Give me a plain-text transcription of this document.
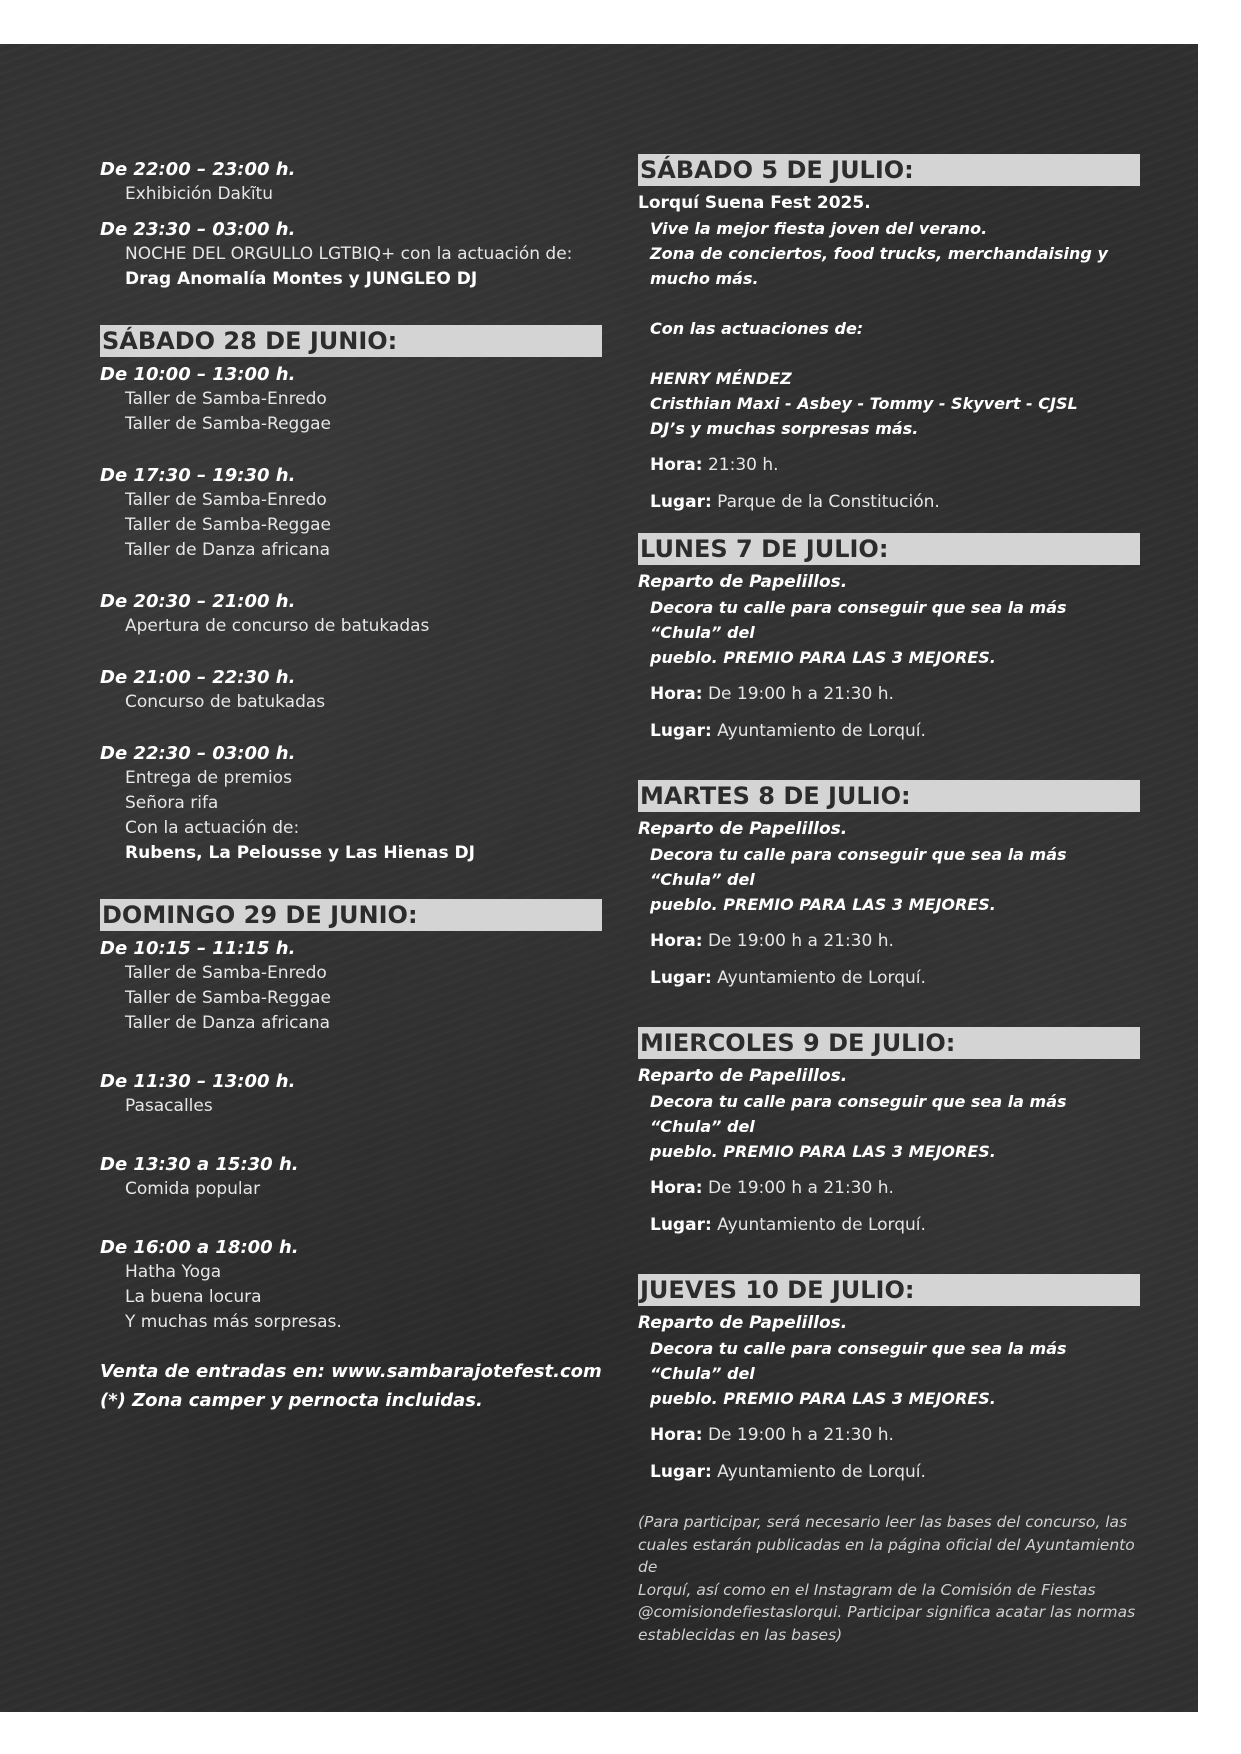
De 22:00 – 23:00 h.
Exhibición Dakĩtu
De 23:30 – 03:00 h.
NOCHE DEL ORGULLO LGTBIQ+ con la actuación de:
Drag Anomalía Montes y JUNGLEO DJ
SÁBADO 28 DE JUNIO:
De 10:00 – 13:00 h.
Taller de Samba-Enredo
Taller de Samba-Reggae
De 17:30 – 19:30 h.
Taller de Samba-Enredo
Taller de Samba-Reggae
Taller de Danza africana
De 20:30 – 21:00 h.
Apertura de concurso de batukadas
De 21:00 – 22:30 h.
Concurso de batukadas
De 22:30 – 03:00 h.
Entrega de premios
Señora rifa
Con la actuación de:
Rubens, La Pelousse y Las Hienas DJ
DOMINGO 29 DE JUNIO:
De 10:15 – 11:15 h.
Taller de Samba-Enredo
Taller de Samba-Reggae
Taller de Danza africana
De 11:30 – 13:00 h.
Pasacalles
De 13:30 a 15:30 h.
Comida popular
De 16:00 a 18:00 h.
Hatha Yoga
La buena locura
Y muchas más sorpresas.
Venta de entradas en: www.sambarajotefest.com
(*) Zona camper y pernocta incluidas.
SÁBADO 5 DE JULIO:
Lorquí Suena Fest 2025.
Vive la mejor fiesta joven del verano.
Zona de conciertos, food trucks, merchandaising y mucho más.
Con las actuaciones de:
HENRY MÉNDEZ
Cristhian Maxi - Asbey - Tommy - Skyvert - CJSL
DJ’s y muchas sorpresas más.
Hora: 21:30 h.
Lugar: Parque de la Constitución.
LUNES 7 DE JULIO:
Reparto de Papelillos.
Decora tu calle para conseguir que sea la más “Chula” del
pueblo. PREMIO PARA LAS 3 MEJORES.
Hora: De 19:00 h a 21:30 h.
Lugar: Ayuntamiento de Lorquí.
MARTES 8 DE JULIO:
Reparto de Papelillos.
Decora tu calle para conseguir que sea la más “Chula” del
pueblo. PREMIO PARA LAS 3 MEJORES.
Hora: De 19:00 h a 21:30 h.
Lugar: Ayuntamiento de Lorquí.
MIERCOLES 9 DE JULIO:
Reparto de Papelillos.
Decora tu calle para conseguir que sea la más “Chula” del
pueblo. PREMIO PARA LAS 3 MEJORES.
Hora: De 19:00 h a 21:30 h.
Lugar: Ayuntamiento de Lorquí.
JUEVES 10 DE JULIO:
Reparto de Papelillos.
Decora tu calle para conseguir que sea la más “Chula” del
pueblo. PREMIO PARA LAS 3 MEJORES.
Hora: De 19:00 h a 21:30 h.
Lugar: Ayuntamiento de Lorquí.
(Para participar, será necesario leer las bases del concurso, las
cuales estarán publicadas en la página oficial del Ayuntamiento de
Lorquí, así como en el Instagram de la Comisión de Fiestas
@comisiondefiestaslorqui. Participar significa acatar las normas
establecidas en las bases)
